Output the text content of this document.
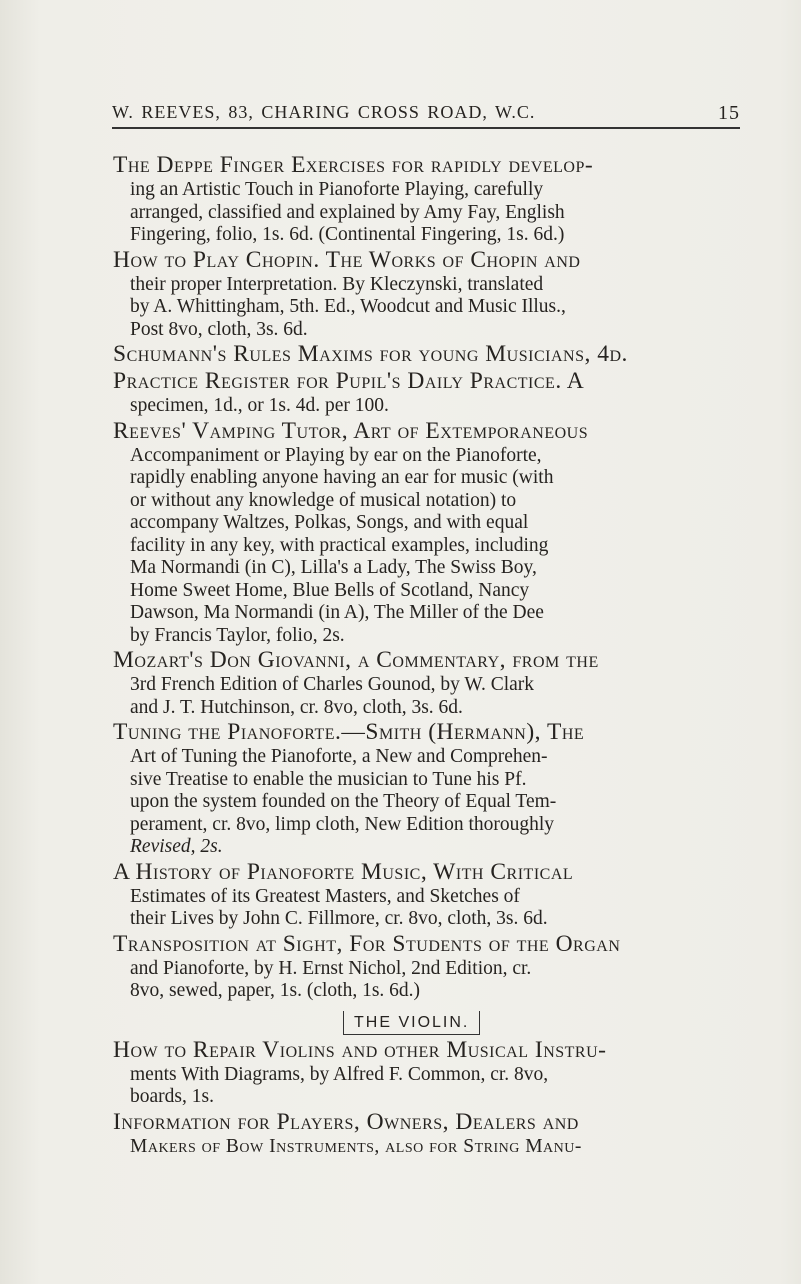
W. REEVES, 83, CHARING CROSS ROAD, W.C.	15
The Deppe Finger Exercises for rapidly develop-
ing an Artistic Touch in Pianoforte Playing, carefully
arranged, classified and explained by Amy Fay, English
Fingering, folio, 1s. 6d. (Continental Fingering, 1s. 6d.)
How to Play Chopin. The Works of Chopin and
their proper Interpretation. By Kleczynski, translated
by A. Whittingham, 5th. Ed., Woodcut and Music Illus.,
Post 8vo, cloth, 3s. 6d.
Schumann's Rules Maxims for young Musicians, 4d.
Practice Register for Pupil's Daily Practice. A
specimen, 1d., or 1s. 4d. per 100.
Reeves' Vamping Tutor, Art of Extemporaneous
Accompaniment or Playing by ear on the Pianoforte,
rapidly enabling anyone having an ear for music (with
or without any knowledge of musical notation) to
accompany Waltzes, Polkas, Songs, and with equal
facility in any key, with practical examples, including
Ma Normandi (in C), Lilla's a Lady, The Swiss Boy,
Home Sweet Home, Blue Bells of Scotland, Nancy
Dawson, Ma Normandi (in A), The Miller of the Dee
by Francis Taylor, folio, 2s.
Mozart's Don Giovanni, a Commentary, from the
3rd French Edition of Charles Gounod, by W. Clark
and J. T. Hutchinson, cr. 8vo, cloth, 3s. 6d.
Tuning the Pianoforte.—Smith (Hermann), The
Art of Tuning the Pianoforte, a New and Comprehen-
sive Treatise to enable the musician to Tune his Pf.
upon the system founded on the Theory of Equal Tem-
perament, cr. 8vo, limp cloth, New Edition thoroughly
Revised, 2s.
A History of Pianoforte Music, With Critical
Estimates of its Greatest Masters, and Sketches of
their Lives by John C. Fillmore, cr. 8vo, cloth, 3s. 6d.
Transposition at Sight, For Students of the Organ
and Pianoforte, by H. Ernst Nichol, 2nd Edition, cr.
8vo, sewed, paper, 1s. (cloth, 1s. 6d.)
THE VIOLIN.
How to Repair Violins and other Musical Instru-
ments With Diagrams, by Alfred F. Common, cr. 8vo,
boards, 1s.
Information for Players, Owners, Dealers and
Makers of Bow Instruments, also for String Manu-
